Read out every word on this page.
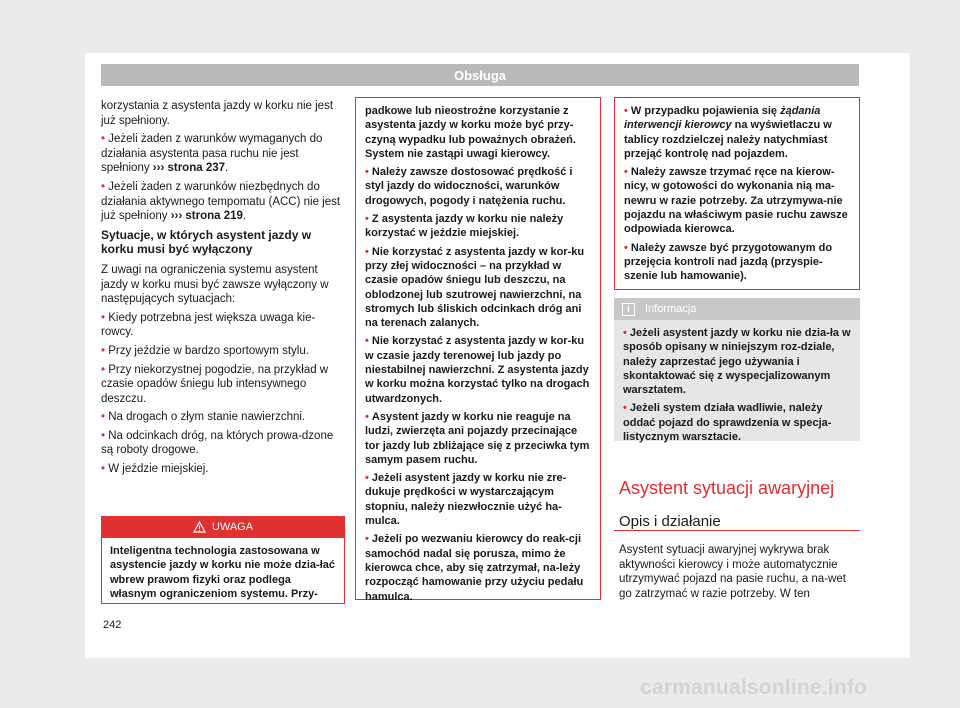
Obsługa

korzystania z asystenta jazdy w korku nie jest już spełniony.

• Jeżeli żaden z warunków wymaganych do działania asystenta pasa ruchu nie jest spełniony ››› strona 237.

• Jeżeli żaden z warunków niezbędnych do działania aktywnego tempomatu (ACC) nie jest już spełniony ››› strona 219.

Sytuacje, w których asystent jazdy w korku musi być wyłączony

Z uwagi na ograniczenia systemu asystent jazdy w korku musi być zawsze wyłączony w następujących sytuacjach:

• Kiedy potrzebna jest większa uwaga kie-rowcy.

• Przy jeździe w bardzo sportowym stylu.

• Przy niekorzystnej pogodzie, na przykład w czasie opadów śniegu lub intensywnego deszczu.

• Na drogach o złym stanie nawierzchni.

• Na odcinkach dróg, na których prowa-dzone są roboty drogowe.

• W jeździe miejskiej.

UWAGA
Inteligentna technologia zastosowana w asystencie jazdy w korku nie może dzia-łać wbrew prawom fizyki oraz podlega własnym ograniczeniom systemu. Przy-

padkowe lub nieostrożne korzystanie z asystenta jazdy w korku może być przy-czyną wypadku lub poważnych obrażeń. System nie zastąpi uwagi kierowcy.

• Należy zawsze dostosować prędkość i styl jazdy do widoczności, warunków drogowych, pogody i natężenia ruchu.
• Z asystenta jazdy w korku nie należy korzystać w jeździe miejskiej.
• Nie korzystać z asystenta jazdy w kor-ku przy złej widoczności – na przykład w czasie opadów śniegu lub deszczu, na oblodzonej lub szutrowej nawierzchni, na stromych lub śliskich odcinkach dróg ani na terenach zalanych.
• Nie korzystać z asystenta jazdy w kor-ku w czasie jazdy terenowej lub jazdy po niestabilnej nawierzchni. Z asystenta jazdy w korku można korzystać tylko na drogach utwardzonych.
• Asystent jazdy w korku nie reaguje na ludzi, zwierzęta ani pojazdy przecinające tor jazdy lub zbliżające się z przeciwka tym samym pasem ruchu.
• Jeżeli asystent jazdy w korku nie zre-dukuje prędkości w wystarczającym stopniu, należy niezwłocznie użyć ha-mulca.
• Jeżeli po wezwaniu kierowcy do reak-cji samochód nadal się porusza, mimo że kierowca chce, aby się zatrzymał, na-leży rozpocząć hamowanie przy użyciu pedału hamulca.
• W przypadku pojawienia się żądania interwencji kierowcy na wyświetlaczu w tablicy rozdzielczej należy natychmiast przejąć kontrolę nad pojazdem.
• Należy zawsze trzymać ręce na kierow-nicy, w gotowości do wykonania nią ma-newru w razie potrzeby. Za utrzymywa-nie pojazdu na właściwym pasie ruchu zawsze odpowiada kierowca.
• Należy zawsze być przygotowanym do przejęcia kontroli nad jazdą (przyspie-szenie lub hamowanie).
i	Informacja
• Jeżeli asystent jazdy w korku nie dzia-ła w sposób opisany w niniejszym roz-dziale, należy zaprzestać jego używania i skontaktować się z wyspecjalizowanym warsztatem.
• Jeżeli system działa wadliwie, należy oddać pojazd do sprawdzenia w specja-listycznym warsztacie.
Asystent sytuacji awaryjnej
Opis i działanie
Asystent sytuacji awaryjnej wykrywa brak aktywności kierowcy i może automatycznie utrzymywać pojazd na pasie ruchu, a na-wet go zatrzymać w razie potrzeby. W ten
242
carmanualsonline.info
